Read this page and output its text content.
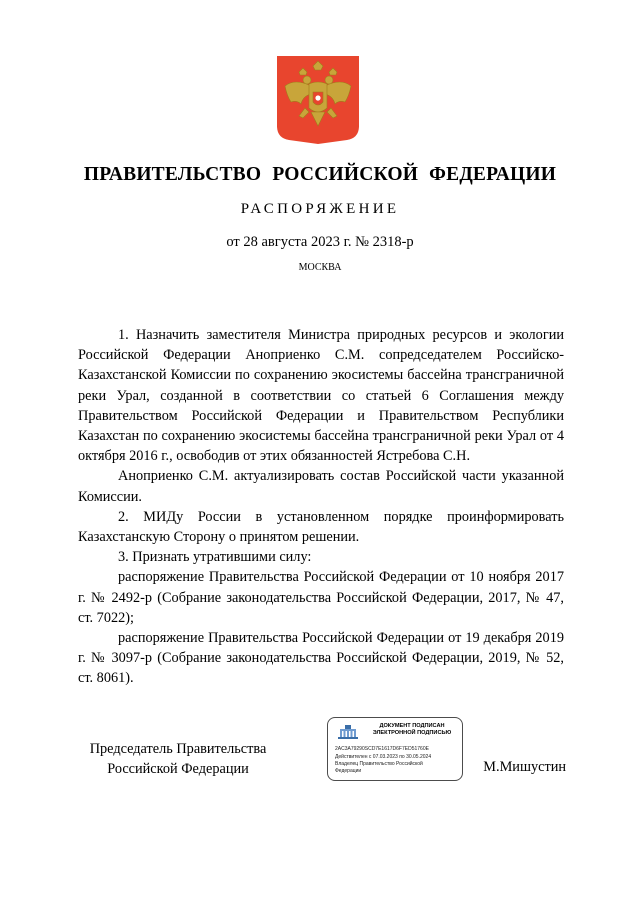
ПРАВИТЕЛЬСТВО РОССИЙСКОЙ ФЕДЕРАЦИИ
РАСПОРЯЖЕНИЕ
от 28 августа 2023 г. № 2318-р
МОСКВА

1. Назначить заместителя Министра природных ресурсов и экологии Российской Федерации Аноприенко С.М. сопредседателем Российско-Казахстанской Комиссии по сохранению экосистемы бассейна трансграничной реки Урал, созданной в соответствии со статьей 6 Соглашения между Правительством Российской Федерации и Правительством Республики Казахстан по сохранению экосистемы бассейна трансграничной реки Урал от 4 октября 2016 г., освободив от этих обязанностей Ястребова С.Н.

Аноприенко С.М. актуализировать состав Российской части указанной Комиссии.

2. МИДу России в установленном порядке проинформировать Казахстанскую Сторону о принятом решении.

3. Признать утратившими силу:

распоряжение Правительства Российской Федерации от 10 ноября 2017 г. № 2492-р (Собрание законодательства Российской Федерации, 2017, № 47, ст. 7022);

распоряжение Правительства Российской Федерации от 19 декабря 2019 г. № 3097-р (Собрание законодательства Российской Федерации, 2019, № 52, ст. 8061).

Председатель Правительства
Российской Федерации
ДОКУМЕНТ ПОДПИСАН
ЭЛЕКТРОННОЙ ПОДПИСЬЮ
2AC3A79290SCD7E1617D6F7ED51760E
Действителен с 07.03.2023 по 30.05.2024
Владелец Правительство Российской
Федерации	М.Мишустин
